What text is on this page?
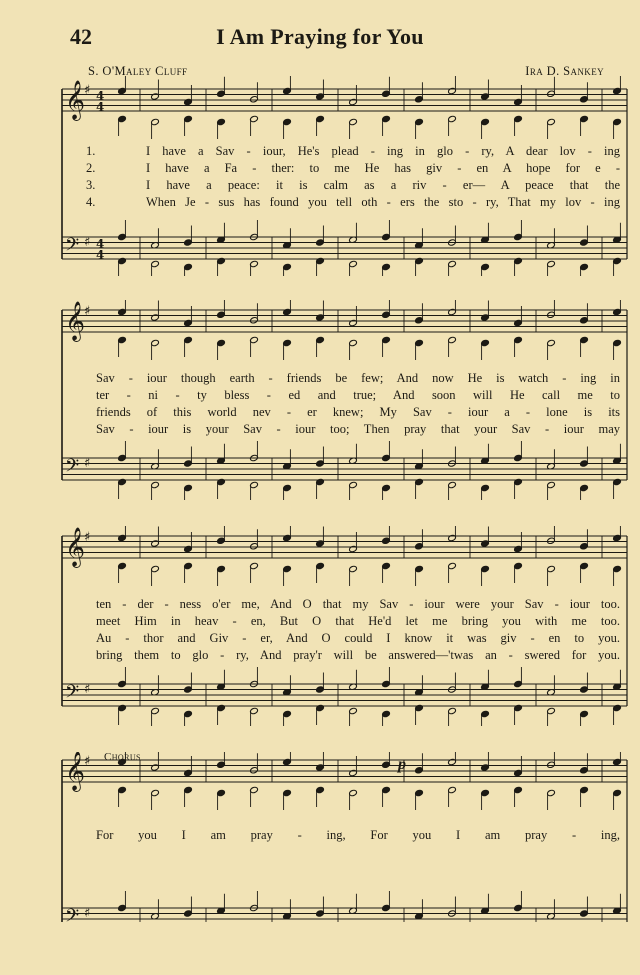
42	I Am Praying for You
S. O'Maley Cluff	Ira D. Sankey
𝄞
𝄢
♯
♯
4
4
4
4
𝄞
𝄢
♯
♯
𝄞
𝄢
♯
♯
𝄞
𝄢
♯
♯
Chorus	p
1.	I have a Sav - iour, He's plead - ing in glo - ry, A dear lov - ing
2.	I have a Fa - ther: to me He has giv - en A hope for e -
3.	I have a peace: it is calm as a riv - er— A peace that the
4.	When Je - sus has found you tell oth - ers the sto - ry, That my lov - ing
Sav - iour though earth - friends be few; And now He is watch - ing in
ter - ni - ty bless - ed and true; And soon will He call me to
friends of this world nev - er knew; My Sav - iour a - lone is its
Sav - iour is your Sav - iour too; Then pray that your Sav - iour may
ten - der - ness o'er me, And O that my Sav - iour were your Sav - iour too.
meet Him in heav - en, But O that He'd let me bring you with me too.
Au - thor and Giv - er, And O could I know it was giv - en to you.
bring them to glo - ry, And pray'r will be answered—'twas an - swered for you.
For you I am pray - ing, For you I am pray - ing,
